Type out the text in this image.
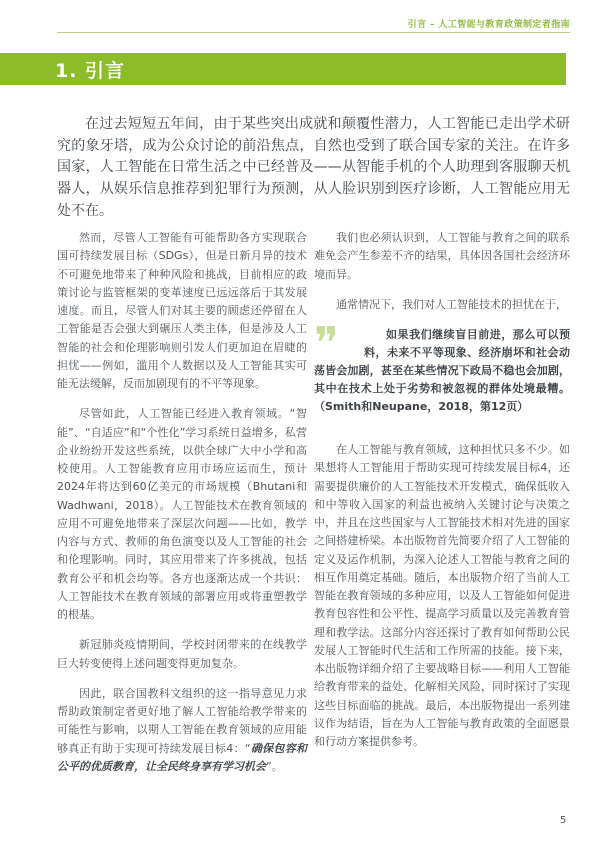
引言 – 人工智能与教育政策制定者指南
1. 引言

在过去短短五年间，由于某些突出成就和颠覆性潜力，人工智能已走出学术研究的象牙塔，成为公众讨论的前沿焦点，自然也受到了联合国专家的关注。在许多国家，人工智能在日常生活之中已经普及——从智能手机的个人助理到客服聊天机器人，从娱乐信息推荐到犯罪行为预测，从人脸识别到医疗诊断，人工智能应用无处不在。

然而，尽管人工智能有可能帮助各方实现联合国可持续发展目标（SDGs），但是日新月异的技术不可避免地带来了种种风险和挑战，目前相应的政策讨论与监管框架的变革速度已远远落后于其发展速度。而且，尽管人们对其主要的顾虑还停留在人工智能是否会强大到碾压人类主体，但是涉及人工智能的社会和伦理影响则引发人们更加迫在眉睫的担忧——例如，滥用个人数据以及人工智能其实可能无法缓解，反而加剧现有的不平等现象。

尽管如此，人工智能已经进入教育领域。“智能”、“自适应”和“个性化”学习系统日益增多，私营企业纷纷开发这些系统，以供全球广大中小学和高校使用。人工智能教育应用市场应运而生，预计2024年将达到60亿美元的市场规模（Bhutani和Wadhwani，2018）。人工智能技术在教育领域的应用不可避免地带来了深层次问题——比如，教学内容与方式、教师的角色演变以及人工智能的社会和伦理影响。同时，其应用带来了许多挑战，包括教育公平和机会均等。各方也逐渐达成一个共识：人工智能技术在教育领域的部署应用或将重塑教学的根基。

新冠肺炎疫情期间，学校封闭带来的在线教学巨大转变使得上述问题变得更加复杂。

因此，联合国教科文组织的这一指导意见力求帮助政策制定者更好地了解人工智能给教学带来的可能性与影响，以期人工智能在教育领域的应用能够真正有助于实现可持续发展目标4：“确保包容和公平的优质教育，让全民终身享有学习机会”。

我们也必须认识到，人工智能与教育之间的联系难免会产生参差不齐的结果，具体因各国社会经济环境而异。

通常情况下，我们对人工智能技术的担忧在于，

❞	如果我们继续盲目前进，那么可以预料，未来不平等现象、经济崩坏和社会动荡皆会加剧，甚至在某些情况下政局不稳也会加剧，其中在技术上处于劣势和被忽视的群体处境最糟。（Smith和Neupane，2018，第12页）

在人工智能与教育领域，这种担忧只多不少。如果想将人工智能用于帮助实现可持续发展目标4，还需要提供廉价的人工智能技术开发模式，确保低收入和中等收入国家的利益也被纳入关键讨论与决策之中，并且在这些国家与人工智能技术相对先进的国家之间搭建桥梁。本出版物首先简要介绍了人工智能的定义及运作机制，为深入论述人工智能与教育之间的相互作用奠定基础。随后，本出版物介绍了当前人工智能在教育领域的多种应用，以及人工智能如何促进教育包容性和公平性、提高学习质量以及完善教育管理和教学法。这部分内容还探讨了教育如何帮助公民发展人工智能时代生活和工作所需的技能。接下来，本出版物详细介绍了主要战略目标——利用人工智能给教育带来的益处、化解相关风险，同时探讨了实现这些目标面临的挑战。最后，本出版物提出一系列建议作为结语，旨在为人工智能与教育政策的全面愿景和行动方案提供参考。

5
